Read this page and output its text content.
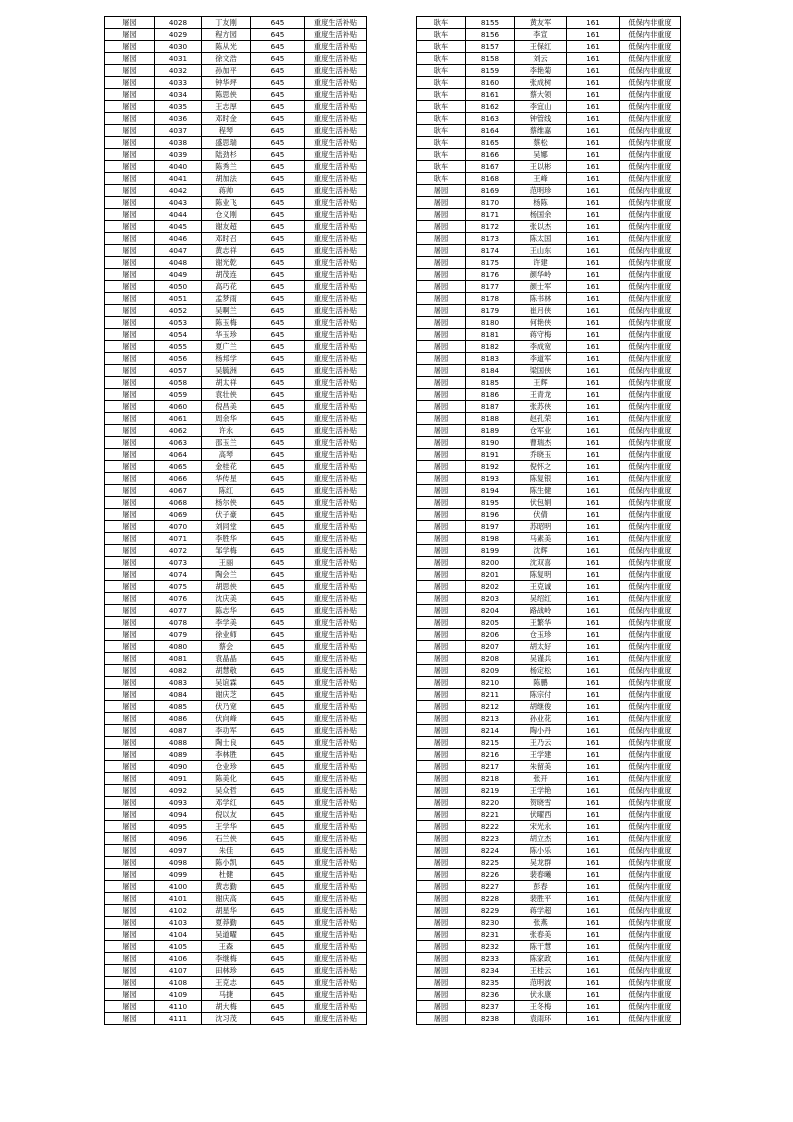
屠园	4028	丁友刚	645	重度生活补贴
屠园	4029	程方园	645	重度生活补贴
屠园	4030	陈从光	645	重度生活补贴
屠园	4031	徐文浩	645	重度生活补贴
屠园	4032	孙加平	645	重度生活补贴
屠园	4033	钟华坪	645	重度生活补贴
屠园	4034	陈思侠	645	重度生活补贴
屠园	4035	王志厚	645	重度生活补贴
屠园	4036	邓时金	645	重度生活补贴
屠园	4037	程琴	645	重度生活补贴
屠园	4038	盛思瑞	645	重度生活补贴
屠园	4039	陆劲杉	645	重度生活补贴
屠园	4040	陈秀兰	645	重度生活补贴
屠园	4041	胡加法	645	重度生活补贴
屠园	4042	蒋帅	645	重度生活补贴
屠园	4043	陈业飞	645	重度生活补贴
屠园	4044	仓义刚	645	重度生活补贴
屠园	4045	谢友超	645	重度生活补贴
屠园	4046	邓时召	645	重度生活补贴
屠园	4047	黄志祥	645	重度生活补贴
屠园	4048	谢光乾	645	重度生活补贴
屠园	4049	胡茂连	645	重度生活补贴
屠园	4050	高巧花	645	重度生活补贴
屠园	4051	孟梦雨	645	重度生活补贴
屠园	4052	吴啊兰	645	重度生活补贴
屠园	4053	陈玉梅	645	重度生活补贴
屠园	4054	华玉珍	645	重度生活补贴
屠园	4055	夏广兰	645	重度生活补贴
屠园	4056	杨邦学	645	重度生活补贴
屠园	4057	吴毓洲	645	重度生活补贴
屠园	4058	胡太祥	645	重度生活补贴
屠园	4059	袁壮侠	645	重度生活补贴
屠园	4060	倪昌美	645	重度生活补贴
屠园	4061	周余华	645	重度生活补贴
屠园	4062	许永	645	重度生活补贴
屠园	4063	邵玉兰	645	重度生活补贴
屠园	4064	高琴	645	重度生活补贴
屠园	4065	金桂花	645	重度生活补贴
屠园	4066	华传星	645	重度生活补贴
屠园	4067	陈红	645	重度生活补贴
屠园	4068	杨尔侠	645	重度生活补贴
屠园	4069	伏子豪	645	重度生活补贴
屠园	4070	刘同堂	645	重度生活补贴
屠园	4071	李胜华	645	重度生活补贴
屠园	4072	邹学梅	645	重度生活补贴
屠园	4073	王丽	645	重度生活补贴
屠园	4074	陶会兰	645	重度生活补贴
屠园	4075	胡思侠	645	重度生活补贴
屠园	4076	沈庆美	645	重度生活补贴
屠园	4077	陈志华	645	重度生活补贴
屠园	4078	李学美	645	重度生活补贴
屠园	4079	徐业师	645	重度生活补贴
屠园	4080	蔡会	645	重度生活补贴
屠园	4081	袁晶晶	645	重度生活补贴
屠园	4082	胡慧敬	645	重度生活补贴
屠园	4083	吴谊霖	645	重度生活补贴
屠园	4084	谢庆芝	645	重度生活补贴
屠园	4085	伏乃宽	645	重度生活补贴
屠园	4086	伏向峰	645	重度生活补贴
屠园	4087	李功军	645	重度生活补贴
屠园	4088	陶士良	645	重度生活补贴
屠园	4089	李林胜	645	重度生活补贴
屠园	4090	仓业珍	645	重度生活补贴
屠园	4091	陈美化	645	重度生活补贴
屠园	4092	吴众哲	645	重度生活补贴
屠园	4093	邓学红	645	重度生活补贴
屠园	4094	倪以友	645	重度生活补贴
屠园	4095	王学华	645	重度生活补贴
屠园	4096	石兰侠	645	重度生活补贴
屠园	4097	朱佳	645	重度生活补贴
屠园	4098	陈小凯	645	重度生活补贴
屠园	4099	杜健	645	重度生活补贴
屠园	4100	黄志勤	645	重度生活补贴
屠园	4101	谢庆高	645	重度生活补贴
屠园	4102	胡星华	645	重度生活补贴
屠园	4103	夏莽勤	645	重度生活补贴
屠园	4104	吴道曜	645	重度生活补贴
屠园	4105	王森	645	重度生活补贴
屠园	4106	李继梅	645	重度生活补贴
屠园	4107	田林珍	645	重度生活补贴
屠园	4108	王克志	645	重度生活补贴
屠园	4109	马捷	645	重度生活补贴
屠园	4110	胡大梅	645	重度生活补贴
屠园	4111	沈习茂	645	重度生活补贴
耿车	8155	黄友军	161	低保内非重度
耿车	8156	李宣	161	低保内非重度
耿车	8157	王保红	161	低保内非重度
耿车	8158	刘云	161	低保内非重度
耿车	8159	李艳菊	161	低保内非重度
耿车	8160	张成树	161	低保内非重度
耿车	8161	蔡大领	161	低保内非重度
耿车	8162	李宜山	161	低保内非重度
耿车	8163	钟管线	161	低保内非重度
耿车	8164	蔡维嘉	161	低保内非重度
耿车	8165	蔡松	161	低保内非重度
耿车	8166	吴娜	161	低保内非重度
耿车	8167	王以彬	161	低保内非重度
耿车	8168	王峰	161	低保内非重度
屠园	8169	范明珍	161	低保内非重度
屠园	8170	杨陈	161	低保内非重度
屠园	8171	杨国余	161	低保内非重度
屠园	8172	张以杰	161	低保内非重度
屠园	8173	陈太国	161	低保内非重度
屠园	8174	王山东	161	低保内非重度
屠园	8175	许建	161	低保内非重度
屠园	8176	颜华岭	161	低保内非重度
屠园	8177	颜士军	161	低保内非重度
屠园	8178	陈书林	161	低保内非重度
屠园	8179	崔月侠	161	低保内非重度
屠园	8180	何艳侠	161	低保内非重度
屠园	8181	蒋守梅	161	低保内非重度
屠园	8182	李成宽	161	低保内非重度
屠园	8183	李道军	161	低保内非重度
屠园	8184	梁国侠	161	低保内非重度
屠园	8185	王辉	161	低保内非重度
屠园	8186	王青龙	161	低保内非重度
屠园	8187	张苏侠	161	低保内非重度
屠园	8188	赵孔荣	161	低保内非重度
屠园	8189	仓军业	161	低保内非重度
屠园	8190	曹瑞杰	161	低保内非重度
屠园	8191	乔晓玉	161	低保内非重度
屠园	8192	倪怀之	161	低保内非重度
屠园	8193	陈复银	161	低保内非重度
屠园	8194	陈生健	161	低保内非重度
屠园	8195	伏包娟	161	低保内非重度
屠园	8196	伏倩	161	低保内非重度
屠园	8197	苏昭明	161	低保内非重度
屠园	8198	马素美	161	低保内非重度
屠园	8199	沈辉	161	低保内非重度
屠园	8200	沈双喜	161	低保内非重度
屠园	8201	陈复明	161	低保内非重度
屠园	8202	王克诚	161	低保内非重度
屠园	8203	吴绍红	161	低保内非重度
屠园	8204	路战岭	161	低保内非重度
屠园	8205	王繁华	161	低保内非重度
屠园	8206	仓玉珍	161	低保内非重度
屠园	8207	胡太好	161	低保内非重度
屠园	8208	吴谨兵	161	低保内非重度
屠园	8209	杨定松	161	低保内非重度
屠园	8210	陈鹏	161	低保内非重度
屠园	8211	陈宗付	161	低保内非重度
屠园	8212	胡继俊	161	低保内非重度
屠园	8213	孙业花	161	低保内非重度
屠园	8214	陶小丹	161	低保内非重度
屠园	8215	王乃云	161	低保内非重度
屠园	8216	王学建	161	低保内非重度
屠园	8217	朱留美	161	低保内非重度
屠园	8218	张开	161	低保内非重度
屠园	8219	王学艳	161	低保内非重度
屠园	8220	贺晓雪	161	低保内非重度
屠园	8221	伏曜西	161	低保内非重度
屠园	8222	宋光永	161	低保内非重度
屠园	8223	胡立杰	161	低保内非重度
屠园	8224	陈小乐	161	低保内非重度
屠园	8225	吴龙群	161	低保内非重度
屠园	8226	裴春曦	161	低保内非重度
屠园	8227	彭春	161	低保内非重度
屠园	8228	裴胜平	161	低保内非重度
屠园	8229	蒋学超	161	低保内非重度
屠园	8230	张燕	161	低保内非重度
屠园	8231	张春美	161	低保内非重度
屠园	8232	陈干慧	161	低保内非重度
屠园	8233	陈家政	161	低保内非重度
屠园	8234	王桂云	161	低保内非重度
屠园	8235	范明波	161	低保内非重度
屠园	8236	伏永康	161	低保内非重度
屠园	8237	王冬梅	161	低保内非重度
屠园	8238	袁雨环	161	低保内非重度
